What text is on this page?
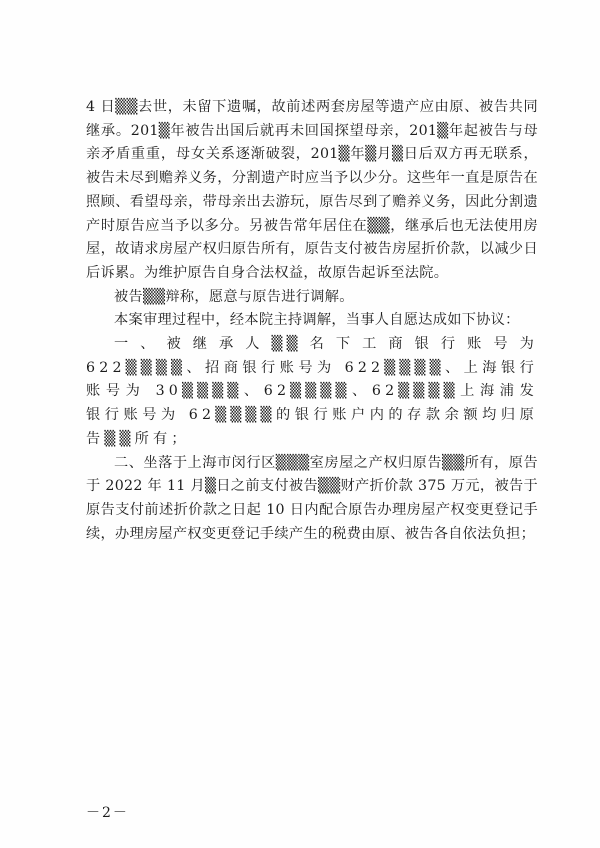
4 日▒▒去世，未留下遗嘱，故前述两套房屋等遗产应由原、被告共同继承。201▒年被告出国后就再未回国探望母亲，201▒年起被告与母亲矛盾重重，母女关系逐渐破裂，201▒年▒月▒日后双方再无联系，被告未尽到赡养义务，分割遗产时应当予以少分。这些年一直是原告在照顾、看望母亲，带母亲出去游玩，原告尽到了赡养义务，因此分割遗产时原告应当予以多分。另被告常年居住在▒▒，继承后也无法使用房屋，故请求房屋产权归原告所有，原告支付被告房屋折价款，以减少日后诉累。为维护原告自身合法权益，故原告起诉至法院。

被告▒▒辩称，愿意与原告进行调解。

本案审理过程中，经本院主持调解，当事人自愿达成如下协议：

一、被继承人▒▒名下工商银行账号为 622▒▒▒▒、招商银行账号为 622▒▒▒▒、上海银行账号为 30▒▒▒▒、62▒▒▒▒、62▒▒▒▒上海浦发银行账号为 62▒▒▒▒的银行账户内的存款余额均归原告▒▒所有；

二、坐落于上海市闵行区▒▒▒室房屋之产权归原告▒▒所有，原告于 2022 年 11 月▒日之前支付被告▒▒财产折价款 375 万元，被告于原告支付前述折价款之日起 10 日内配合原告办理房屋产权变更登记手续，办理房屋产权变更登记手续产生的税费由原、被告各自依法负担；

－2－
